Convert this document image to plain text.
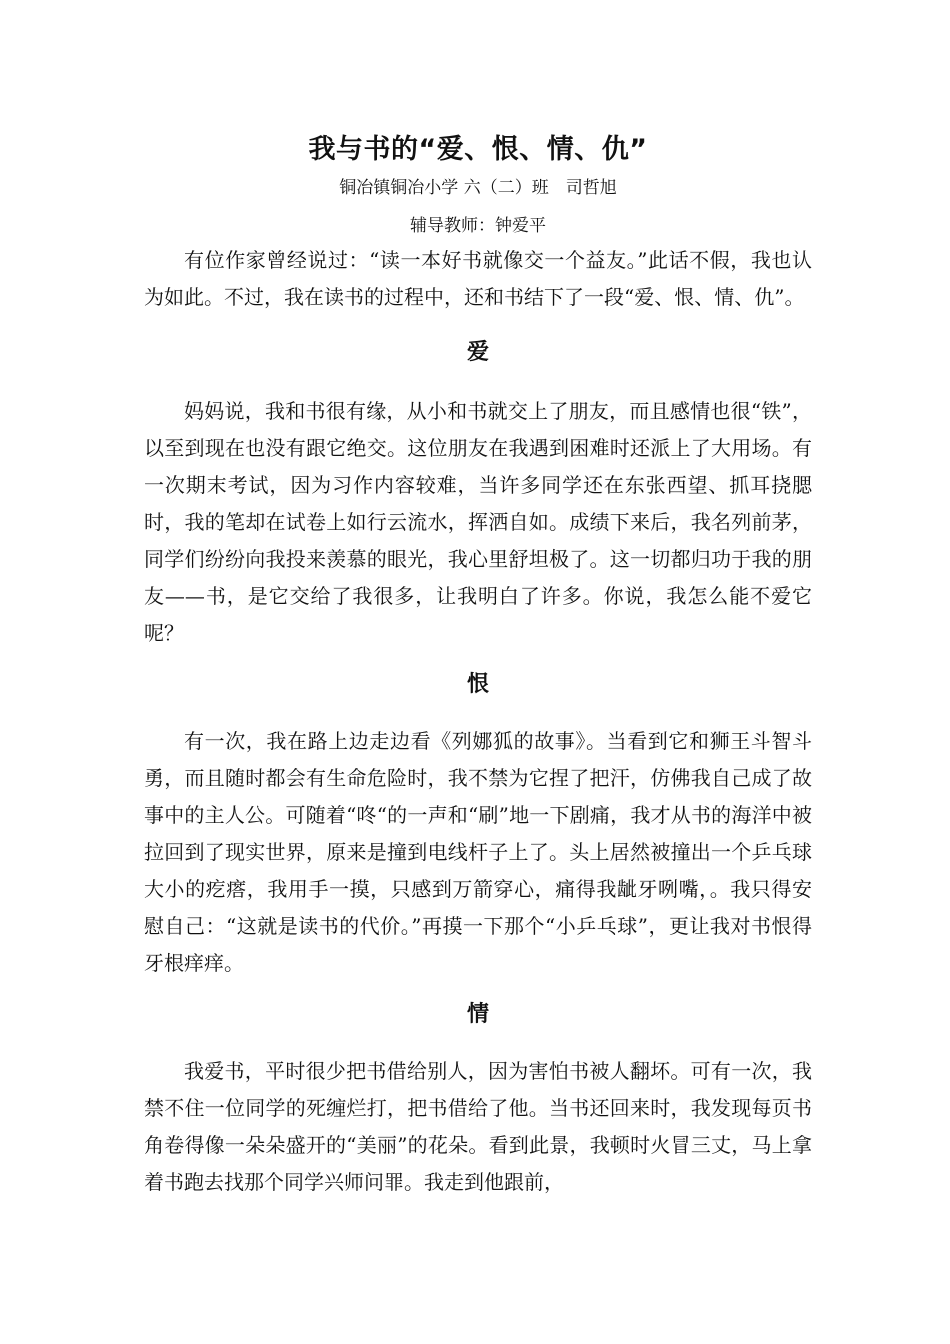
我与书的“爱、恨、情、仇”

铜冶镇铜冶小学 六（二）班　司哲旭

辅导教师：钟爱平

有位作家曾经说过：“读一本好书就像交一个益友。”此话不假，我也认为如此。不过，我在读书的过程中，还和书结下了一段“爱、恨、情、仇”。

爱

妈妈说，我和书很有缘，从小和书就交上了朋友，而且感情也很“铁”，以至到现在也没有跟它绝交。这位朋友在我遇到困难时还派上了大用场。有一次期末考试，因为习作内容较难，当许多同学还在东张西望、抓耳挠腮时，我的笔却在试卷上如行云流水，挥洒自如。成绩下来后，我名列前茅，同学们纷纷向我投来羡慕的眼光，我心里舒坦极了。这一切都归功于我的朋友——书，是它交给了我很多，让我明白了许多。你说，我怎么能不爱它呢？

恨

有一次，我在路上边走边看《列娜狐的故事》。当看到它和狮王斗智斗勇，而且随时都会有生命危险时，我不禁为它捏了把汗，仿佛我自己成了故事中的主人公。可随着“咚“的一声和“刷”地一下剧痛，我才从书的海洋中被拉回到了现实世界，原来是撞到电线杆子上了。头上居然被撞出一个乒乓球大小的疙瘩，我用手一摸，只感到万箭穿心，痛得我龇牙咧嘴，。我只得安慰自己：“这就是读书的代价。”再摸一下那个“小乒乓球”，更让我对书恨得牙根痒痒。

情

我爱书，平时很少把书借给别人，因为害怕书被人翻坏。可有一次，我禁不住一位同学的死缠烂打，把书借给了他。当书还回来时，我发现每页书角卷得像一朵朵盛开的“美丽”的花朵。看到此景，我顿时火冒三丈，马上拿着书跑去找那个同学兴师问罪。我走到他跟前，
